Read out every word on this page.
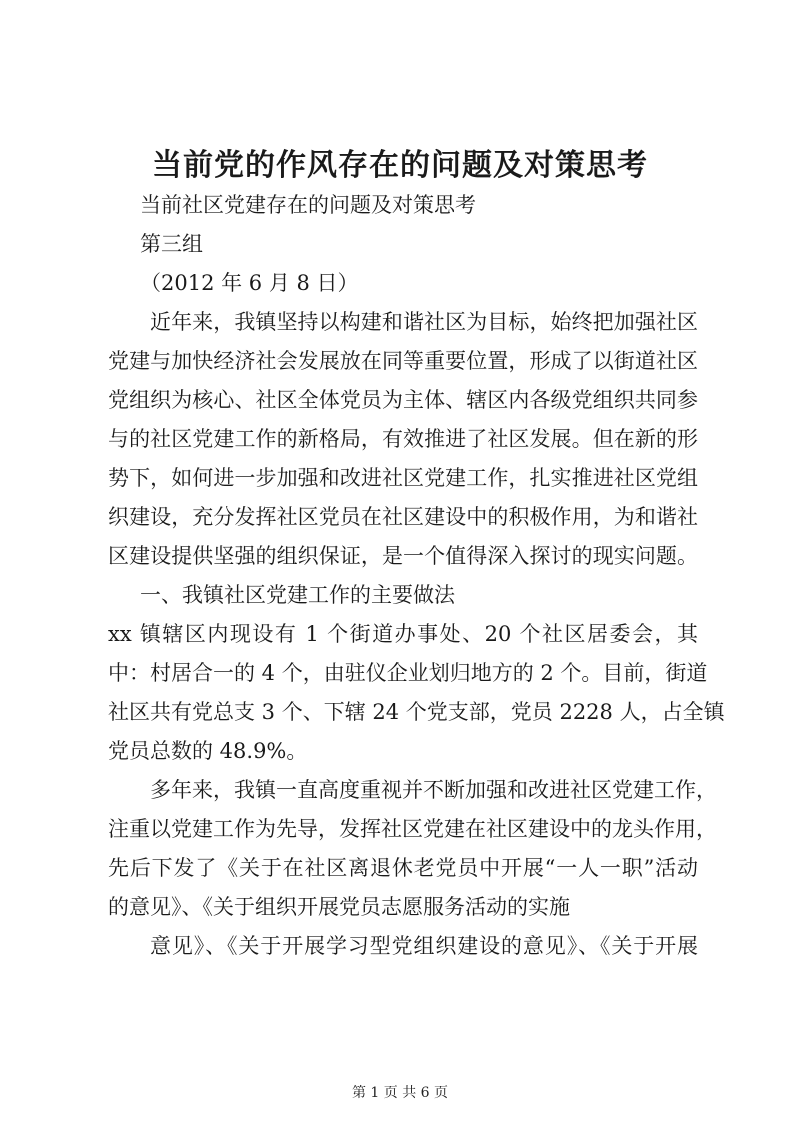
当前党的作风存在的问题及对策思考
当前社区党建存在的问题及对策思考
第三组
（2012 年 6 月 8 日）
近年来，我镇坚持以构建和谐社区为目标，始终把加强社区
党建与加快经济社会发展放在同等重要位置，形成了以街道社区
党组织为核心、社区全体党员为主体、辖区内各级党组织共同参
与的社区党建工作的新格局，有效推进了社区发展。但在新的形
势下，如何进一步加强和改进社区党建工作，扎实推进社区党组
织建设，充分发挥社区党员在社区建设中的积极作用，为和谐社
区建设提供坚强的组织保证，是一个值得深入探讨的现实问题。
一、我镇社区党建工作的主要做法
xx 镇辖区内现设有 1 个街道办事处、20 个社区居委会，其
中：村居合一的 4 个，由驻仪企业划归地方的 2 个。目前，街道
社区共有党总支 3 个、下辖 24 个党支部，党员 2228 人，占全镇
党员总数的 48.9%。
多年来，我镇一直高度重视并不断加强和改进社区党建工作，
注重以党建工作为先导，发挥社区党建在社区建设中的龙头作用，
先后下发了《关于在社区离退休老党员中开展“一人一职”活动
的意见》、《关于组织开展党员志愿服务活动的实施
意见》、《关于开展学习型党组织建设的意见》、《关于开展
第 1 页 共 6 页
